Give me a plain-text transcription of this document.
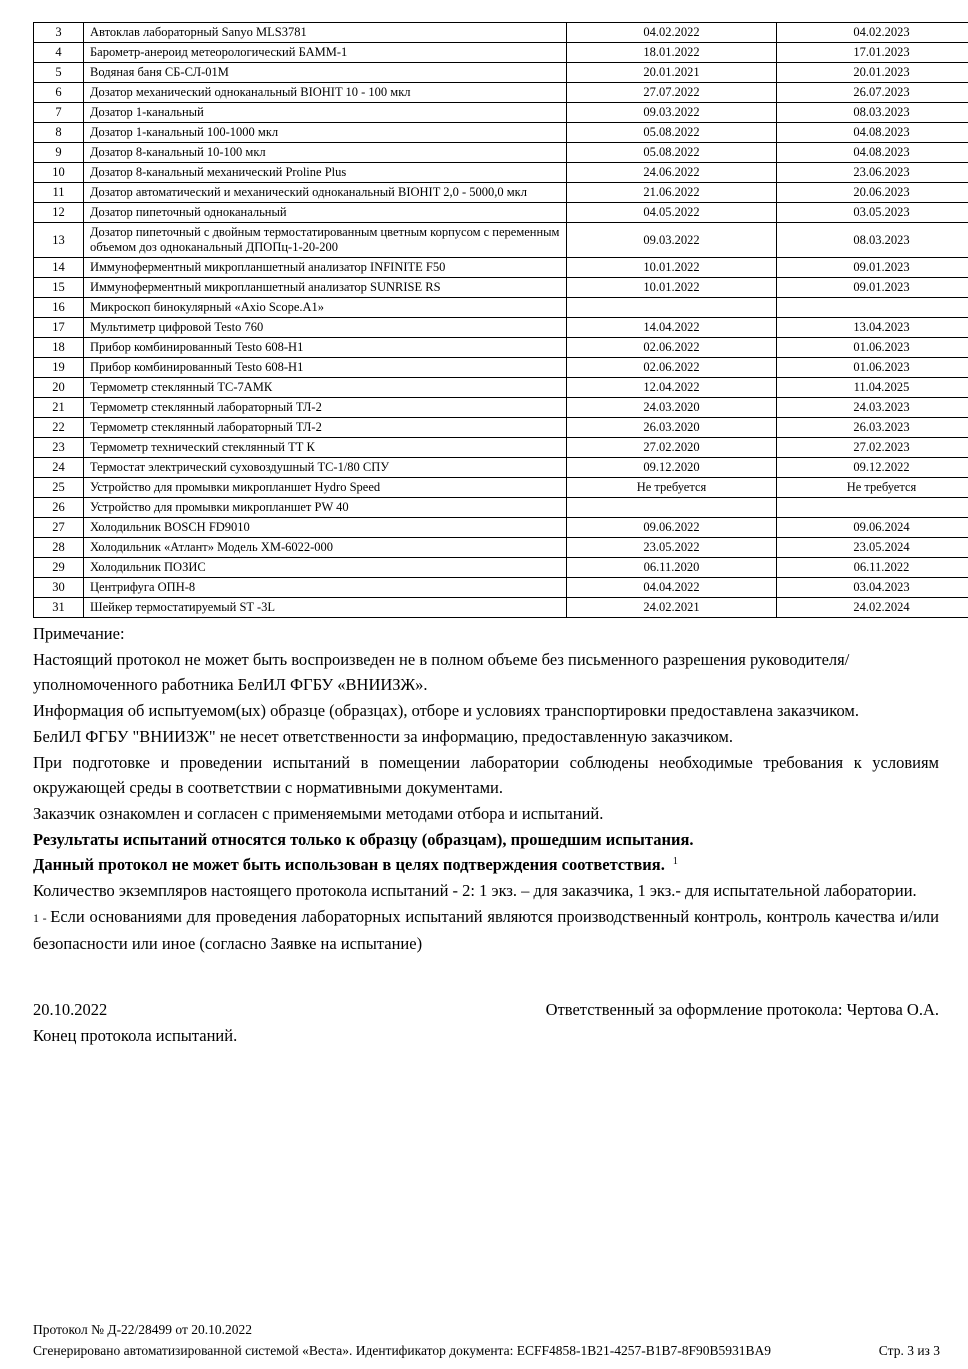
3	Автоклав лабораторный Sanyo MLS3781	04.02.2022	04.02.2023
4	Барометр-анероид метеорологический БАММ-1	18.01.2022	17.01.2023
5	Водяная баня СБ-СЛ-01М	20.01.2021	20.01.2023
6	Дозатор механический одноканальный BIOHIT 10 - 100 мкл	27.07.2022	26.07.2023
7	Дозатор 1-канальный	09.03.2022	08.03.2023
8	Дозатор 1-канальный 100-1000 мкл	05.08.2022	04.08.2023
9	Дозатор 8-канальный 10-100 мкл	05.08.2022	04.08.2023
10	Дозатор 8-канальный механический Proline Plus	24.06.2022	23.06.2023
11	Дозатор автоматический и механический одноканальный BIOHIT 2,0 - 5000,0 мкл	21.06.2022	20.06.2023
12	Дозатор пипеточный одноканальный	04.05.2022	03.05.2023
13	Дозатор пипеточный с двойным термостатированным цветным корпусом с переменным объемом доз одноканальный ДПОПц-1-20-200	09.03.2022	08.03.2023
14	Иммуноферментный микропланшетный анализатор INFINITE F50	10.01.2022	09.01.2023
15	Иммуноферментный микропланшетный анализатор SUNRISE RS	10.01.2022	09.01.2023
16	Микроскоп бинокулярный «Axio Scope.A1»		
17	Мультиметр цифровой Testo 760	14.04.2022	13.04.2023
18	Прибор комбинированный Testo 608-Н1	02.06.2022	01.06.2023
19	Прибор комбинированный Testo 608-Н1	02.06.2022	01.06.2023
20	Термометр стеклянный ТС-7АМК	12.04.2022	11.04.2025
21	Термометр стеклянный лабораторный ТЛ-2	24.03.2020	24.03.2023
22	Термометр стеклянный лабораторный ТЛ-2	26.03.2020	26.03.2023
23	Термометр технический стеклянный ТТ К	27.02.2020	27.02.2023
24	Термостат электрический суховоздушный ТС-1/80 СПУ	09.12.2020	09.12.2022
25	Устройство для промывки микропланшет Hydro Speed	Не требуется	Не требуется
26	Устройство для промывки микропланшет PW 40		
27	Холодильник BOSCH FD9010	09.06.2022	09.06.2024
28	Холодильник «Атлант» Модель ХМ-6022-000	23.05.2022	23.05.2024
29	Холодильник ПОЗИС	06.11.2020	06.11.2022
30	Центрифуга ОПН-8	04.04.2022	03.04.2023
31	Шейкер термостатируемый ST -3L	24.02.2021	24.02.2024

Примечание:

Настоящий протокол не может быть воспроизведен не в полном объеме без письменного разрешения руководителя/уполномоченного работника БелИЛ ФГБУ «ВНИИЗЖ».

Информация об испытуемом(ых) образце (образцах), отборе и условиях транспортировки предоставлена заказчиком.

БелИЛ ФГБУ "ВНИИЗЖ" не несет ответственности за информацию, предоставленную заказчиком.

При подготовке и проведении испытаний в помещении лаборатории соблюдены необходимые требования к условиям окружающей среды в соответствии с нормативными документами.

Заказчик ознакомлен и согласен с применяемыми методами отбора и испытаний.

Результаты испытаний относятся только к образцу (образцам), прошедшим испытания.

Данный протокол не может быть использован в целях подтверждения соответствия. $^1$

Количество экземпляров настоящего протокола испытаний - 2: 1 экз. – для заказчика, 1 экз.- для испытательной лаборатории.

1 - Если основаниями для проведения лабораторных испытаний являются производственный контроль, контроль качества и/или безопасности или иное (согласно Заявке на испытание)

20.10.2022	Ответственный за оформление протокола: Чертова О.А.
Конец протокола испытаний.
Протокол № Д-22/28499 от 20.10.2022
Сгенерировано автоматизированной системой «Веста». Идентификатор документа: ECFF4858-1B21-4257-B1B7-8F90B5931BA9	Стр. 3 из 3
